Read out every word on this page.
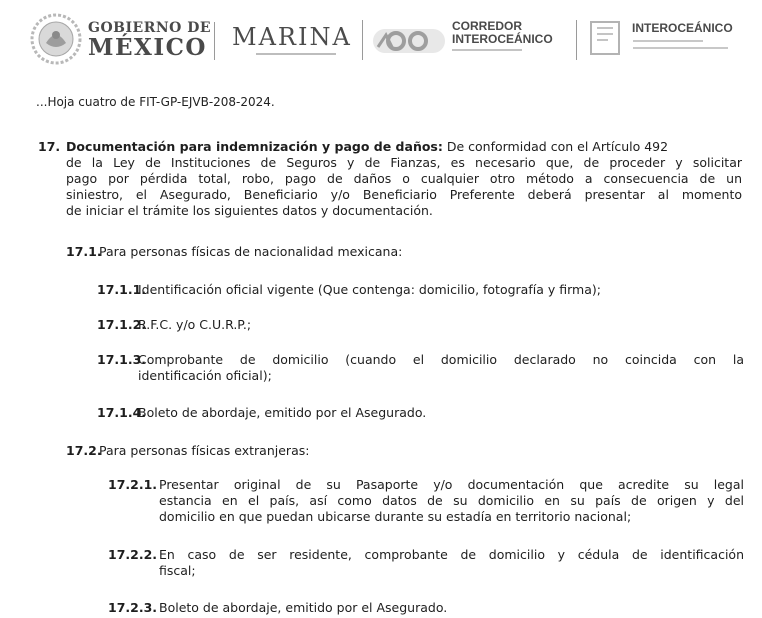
GOBIERNO DE
MÉXICO MARINA	CORREDOR
INTEROCEÁNICO
INTEROCEÁNICO
...Hoja cuatro de FIT-GP-EJVB-208-2024.
17. Documentación para indemnización y pago de daños: De conformidad con el Artículo 492
de la Ley de Instituciones de Seguros y de Fianzas, es necesario que, de proceder y solicitar
pago por pérdida total, robo, pago de daños o cualquier otro método a consecuencia de un
siniestro, el Asegurado, Beneficiario y/o Beneficiario Preferente deberá presentar al momento
de iniciar el trámite los siguientes datos y documentación.
17.1.
Para personas físicas de nacionalidad mexicana:
17.1.1.
Identificación oficial vigente (Que contenga: domicilio, fotografía y firma);
17.1.2.
R.F.C. y/o C.U.R.P.;
17.1.3.
Comprobante de domicilio (cuando el domicilio declarado no coincida con la
identificación oficial);
17.1.4.
Boleto de abordaje, emitido por el Asegurado.
17.2.
Para personas físicas extranjeras:
17.2.1. Presentar original de su Pasaporte y/o documentación que acredite su legal
estancia en el país, así como datos de su domicilio en su país de origen y del
domicilio en que puedan ubicarse durante su estadía en territorio nacional;
17.2.2. En caso de ser residente, comprobante de domicilio y cédula de identificación
fiscal;
17.2.3. Boleto de abordaje, emitido por el Asegurado.
